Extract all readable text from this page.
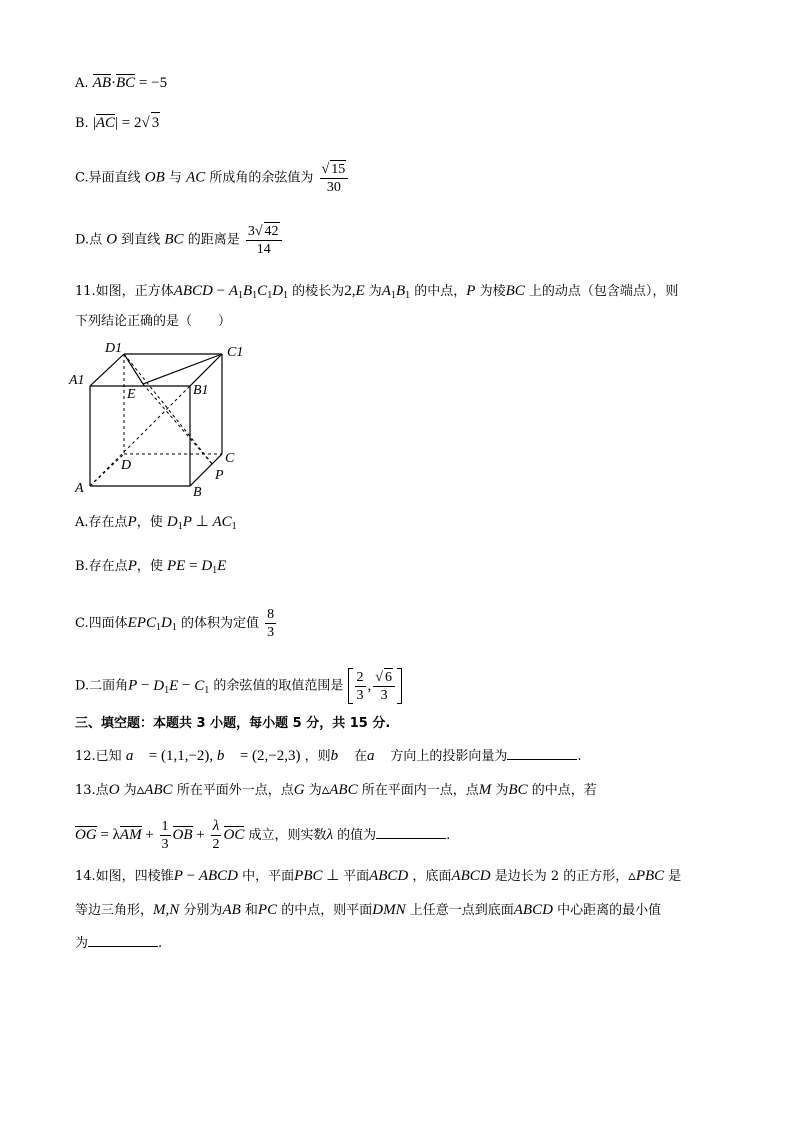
A. AB·BC = −5
B. |AC| = 2√ 3
C.异面直线 OB 与 AC 所成角的余弦值为 $\frac{√ 15}{30}$
D.点 O 到直线 BC 的距离是 $\frac{3√ 42}{14}$
11.如图，正方体ABCD − $A_1B_1C_1D_1$ 的棱长为2,E 为$A_1B_1$ 的中点，P 为棱BC 上的动点（包含端点），则
下列结论正确的是（　　）
D1	C1
A1
B1
E
D	C
P
A	B
A.存在点P，使 $D_1P$ ⊥ $AC_1$
B.存在点P，使 PE = $D_1E$
C.四面体$EPC_1D_1$ 的体积为定值 $\frac{8}{3}$
D.二面角$P - D_1E - C_1$ 的余弦值的取值范围是 $\frac{2}{3}$ , $\frac{√ 6}{3}$
三、填空题：本题共 3 小题，每小题 5 分，共 15 分.
12.已知 a⃗ = (1,1,−2), b⃗ = (2,−2,3) ，则b⃗ 在a⃗ 方向上的投影向量为	.
13.点O 为▵ABC 所在平面外一点，点G 为▵ABC 所在平面内一点，点M 为BC 的中点，若
OG = $\lambda AM + \frac{1}{3}$ OB + $\frac{\lambda}{2}$ OC 成立，则实数λ 的值为	.
14.如图，四棱锥P − ABCD 中，平面PBC ⊥ 平面ABCD ，底面ABCD 是边长为 2 的正方形，▵PBC 是
等边三角形，M,N 分别为AB 和PC 的中点，则平面DMN 上任意一点到底面ABCD 中心距离的最小值
为	.
